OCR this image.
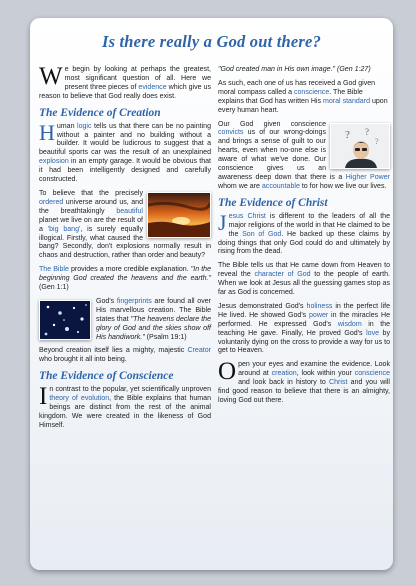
Is there really a God out there?

We begin by looking at perhaps the greatest, most significant question of all. Here we present three pieces of evidence which give us reason to believe that God really does exist.

The Evidence of Creation

Human logic tells us that there can be no painting without a painter and no building without a builder. It would be ludicrous to suggest that a beautiful sports car was the result of an unexplained explosion in an empty garage. It would be obvious that it had been intelligently designed and carefully constructed.

To believe that the precisely ordered universe around us, and the breathtakingly beautiful planet we live on are the result of a 'big bang', is surely equally illogical. Firstly, what caused the bang? Secondly, don't explosions normally result in chaos and destruction, rather than order and beauty?

The Bible provides a more credible explanation. "In the beginning God created the heavens and the earth." (Gen 1:1)

God's fingerprints are found all over His marvellous creation. The Bible states that "The heavens declare the glory of God and the skies show off His handiwork." (Psalm 19:1)

Beyond creation itself lies a mighty, majestic Creator who brought it all into being.

The Evidence of Conscience

In contrast to the popular, yet scientifically unproven theory of evolution, the Bible explains that human beings are distinct from the rest of the animal kingdom. We were created in the likeness of God Himself.

"God created man in His own image." (Gen 1:27)

As such, each one of us has received a God given moral compass called a conscience. The Bible explains that God has written His moral standard upon every human heart.

? ?
?
Our God given conscience convicts us of our wrong-doings and brings a sense of guilt to our hearts, even when no-one else is aware of what we've done. Our conscience gives us an awareness deep down that there is a Higher Power whom we are accountable to for how we live our lives.

The Evidence of Christ

Jesus Christ is different to the leaders of all the major religions of the world in that He claimed to be the Son of God. He backed up these claims by doing things that only God could do and ultimately by rising from the dead.

The Bible tells us that He came down from Heaven to reveal the character of God to the people of earth. When we look at Jesus all the guessing games stop as far as God is concerned.

Jesus demonstrated God's holiness in the perfect life He lived. He showed God's power in the miracles He performed. He expressed God's wisdom in the teaching He gave. Finally, He proved God's love by voluntarily dying on the cross to provide a way for us to get to Heaven.

Open your eyes and examine the evidence. Look around at creation, look within your conscience and look back in history to Christ and you will find good reason to believe that there is an almighty, loving God out there.
